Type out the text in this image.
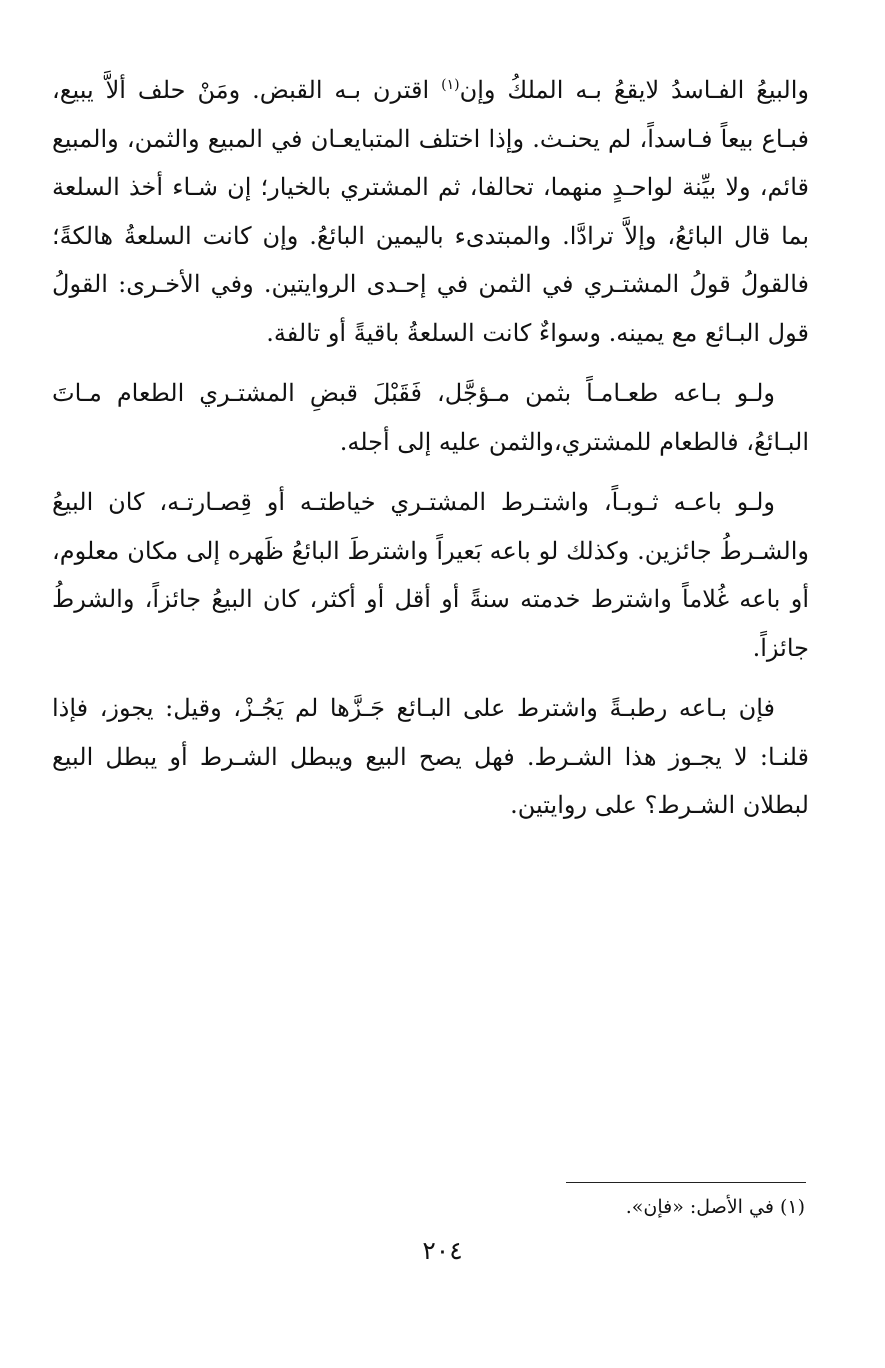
والبيعُ الفـاسدُ لايقعُ بـه الملكُ وإن$^{(١)}$ اقترن بـه القبض. ومَنْ حلف ألاَّ يبيع، فبـاع بيعاً فـاسداً، لم يحنـث. وإذا اختلف المتبايعـان في المبيع والثمن، والمبيع قائم، ولا بيِّنة لواحـدٍ منهما، تحالفا، ثم المشتري بالخيار؛ إن شـاء أخذ السلعة بما قال البائعُ، وإلاَّ ترادَّا. والمبتدىء باليمين البائعُ. وإن كانت السلعةُ هالكةً؛ فالقولُ قولُ المشتـري في الثمن في إحـدى الروايتين. وفي الأخـرى: القولُ قول البـائع مع يمينه. وسواءٌ كانت السلعةُ باقيةً أو تالفة.

ولـو بـاعه طعـامـاً بثمن مـؤجَّل، فَقَبْلَ قبضِ المشتـري الطعام مـاتَ البـائعُ، فالطعام للمشتري،والثمن عليه إلى أجله.

ولـو باعـه ثـوبـاً، واشتـرط المشتـري خياطتـه أو قِصـارتـه، كان البيعُ والشـرطُ جائزين. وكذلك لو باعه بَعيراً واشترطَ البائعُ ظَهره إلى مكان معلوم، أو باعه غُلاماً واشترط خدمته سنةً أو أقل أو أكثر، كان البيعُ جائزاً، والشرطُ جائزاً.

فإن بـاعه رطبـةً واشترط على البـائع جَـزَّها لم يَجُـزْ، وقيل: يجوز، فإذا قلنـا: لا يجـوز هذا الشـرط. فهل يصح البيع ويبطل الشـرط أو يبطل البيع لبطلان الشـرط؟ على روايتين.

(١) في الأصل: «فإن».

٢٠٤
